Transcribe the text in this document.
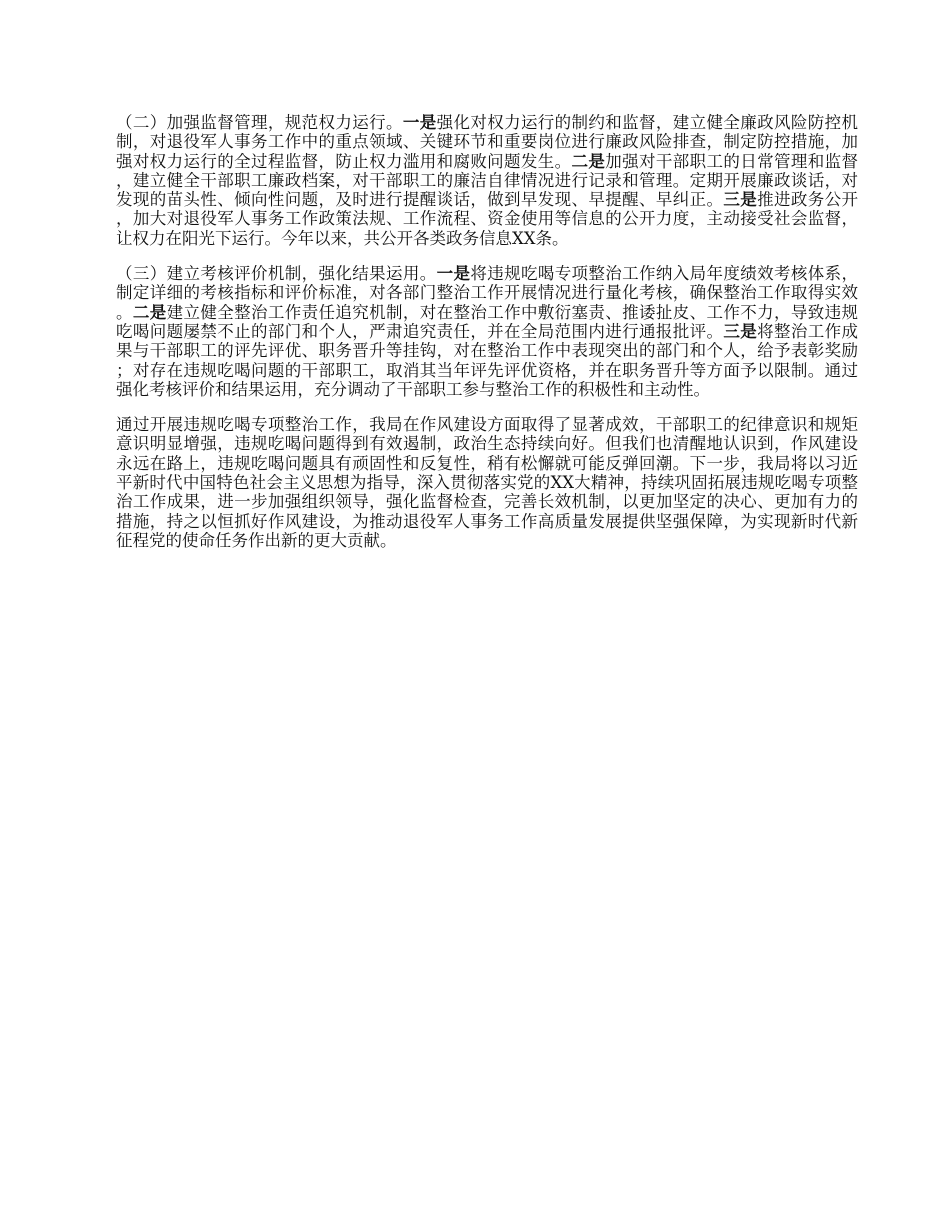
（二）加强监督管理，规范权力运行。一是强化对权力运行的制约和监督，建立健全廉政风险防控机制，对退役军人事务工作中的重点领域、关键环节和重要岗位进行廉政风险排查，制定防控措施，加强对权力运行的全过程监督，防止权力滥用和腐败问题发生。二是加强对干部职工的日常管理和监督，建立健全干部职工廉政档案，对干部职工的廉洁自律情况进行记录和管理。定期开展廉政谈话，对发现的苗头性、倾向性问题，及时进行提醒谈话，做到早发现、早提醒、早纠正。三是推进政务公开，加大对退役军人事务工作政策法规、工作流程、资金使用等信息的公开力度，主动接受社会监督，让权力在阳光下运行。今年以来，共公开各类政务信息XX条。

（三）建立考核评价机制，强化结果运用。一是将违规吃喝专项整治工作纳入局年度绩效考核体系，制定详细的考核指标和评价标准，对各部门整治工作开展情况进行量化考核，确保整治工作取得实效。二是建立健全整治工作责任追究机制，对在整治工作中敷衍塞责、推诿扯皮、工作不力，导致违规吃喝问题屡禁不止的部门和个人，严肃追究责任，并在全局范围内进行通报批评。三是将整治工作成果与干部职工的评先评优、职务晋升等挂钩，对在整治工作中表现突出的部门和个人，给予表彰奖励；对存在违规吃喝问题的干部职工，取消其当年评先评优资格，并在职务晋升等方面予以限制。通过强化考核评价和结果运用，充分调动了干部职工参与整治工作的积极性和主动性。

通过开展违规吃喝专项整治工作，我局在作风建设方面取得了显著成效，干部职工的纪律意识和规矩意识明显增强，违规吃喝问题得到有效遏制，政治生态持续向好。但我们也清醒地认识到，作风建设永远在路上，违规吃喝问题具有顽固性和反复性，稍有松懈就可能反弹回潮。下一步，我局将以习近平新时代中国特色社会主义思想为指导，深入贯彻落实党的XX大精神，持续巩固拓展违规吃喝专项整治工作成果，进一步加强组织领导，强化监督检查，完善长效机制，以更加坚定的决心、更加有力的措施，持之以恒抓好作风建设，为推动退役军人事务工作高质量发展提供坚强保障，为实现新时代新征程党的使命任务作出新的更大贡献。
